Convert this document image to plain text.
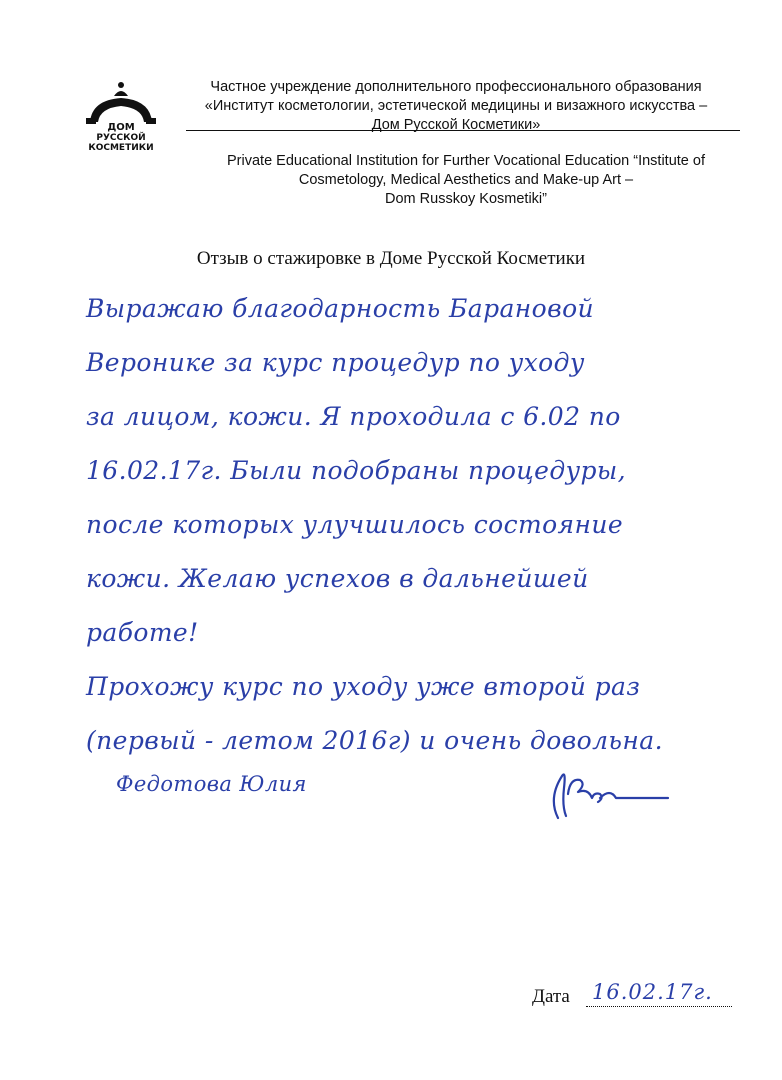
ДОМ
РУССКОЙ
КОСМЕТИКИ
Частное учреждение дополнительного профессионального образования
«Институт косметологии, эстетической медицины и визажного искусства –
Дом Русской Косметики»
Private Educational Institution for Further Vocational Education “Institute of
Cosmetology, Medical Aesthetics and Make-up Art –
Dom Russkoy Kosmetiki”
Отзыв о стажировке в Доме Русской Косметики
Выражаю благодарность Барановой
Веронике за курс процедур по уходу
за лицом, кожи. Я проходила с 6.02 по
16.02.17г. Были подобраны процедуры,
после которых улучшилось состояние
кожи. Желаю успехов в дальнейшей
работе!
Прохожу курс по уходу уже второй раз
(первый - летом 2016г) и очень довольна.
Федотова Юлия
Дата 16.02.17г.
